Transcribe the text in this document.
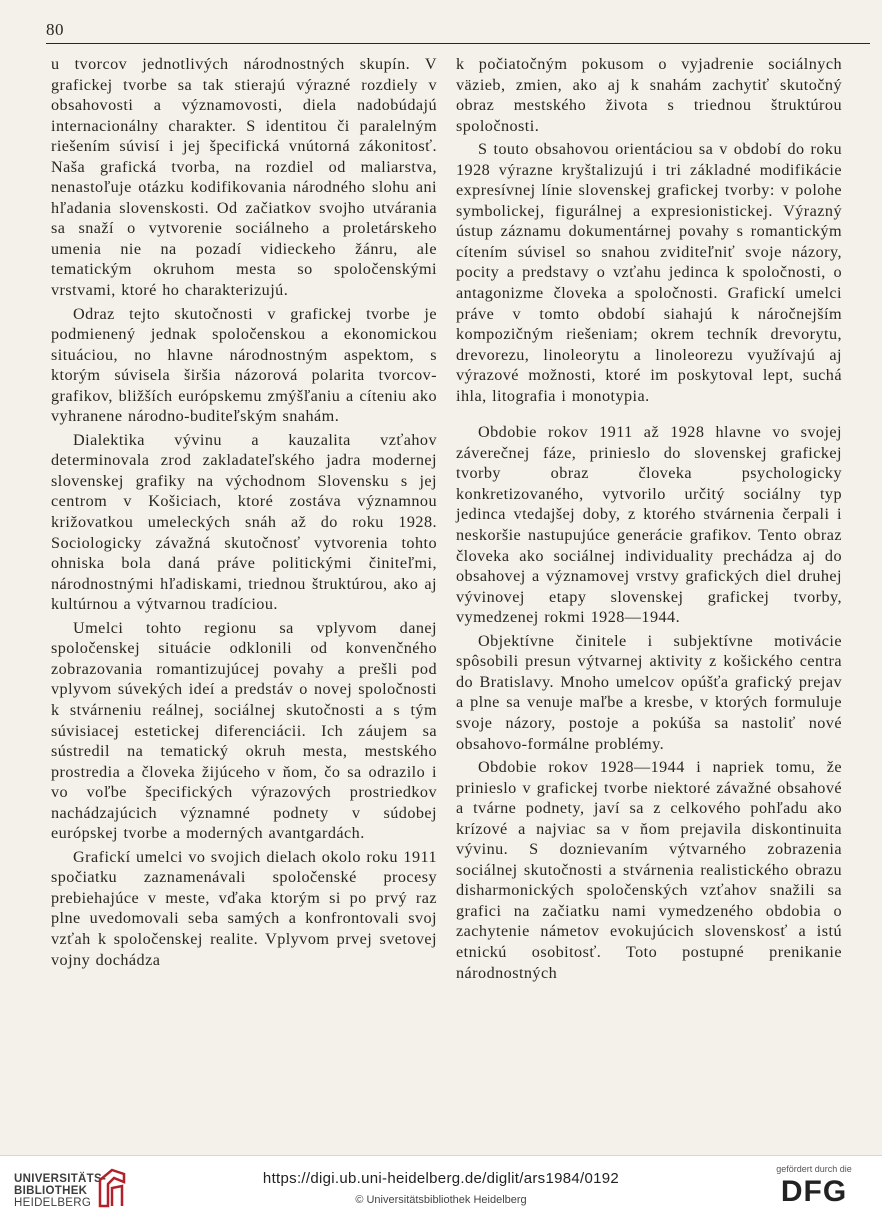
80

u tvorcov jednotlivých národnostných skupín. V grafickej tvorbe sa tak stierajú výrazné rozdiely v obsahovosti a významovosti, diela nadobúdajú internacionálny charakter. S identitou či paralelným riešením súvisí i jej špecifická vnútorná zákonitosť. Naša grafická tvorba, na rozdiel od maliarstva, nenastoľuje otázku kodifikovania národného slohu ani hľadania slovenskosti. Od začiatkov svojho utvárania sa snaží o vytvorenie sociálneho a proletárskeho umenia nie na pozadí vidieckeho žánru, ale tematickým okruhom mesta so spoločenskými vrstvami, ktoré ho charakterizujú.

Odraz tejto skutočnosti v grafickej tvorbe je podmienený jednak spoločenskou a ekonomickou situáciou, no hlavne národnostným aspektom, s ktorým súvisela širšia názorová polarita tvorcov-grafikov, bližších európskemu zmýšľaniu a cíteniu ako vyhranene národno-buditeľským snahám.

Dialektika vývinu a kauzalita vzťahov determinovala zrod zakladateľského jadra modernej slovenskej grafiky na východnom Slovensku s jej centrom v Košiciach, ktoré zostáva významnou križovatkou umeleckých snáh až do roku 1928. Sociologicky závažná skutočnosť vytvorenia tohto ohniska bola daná práve politickými činiteľmi, národnostnými hľadiskami, triednou štruktúrou, ako aj kultúrnou a výtvarnou tradíciou.

Umelci tohto regionu sa vplyvom danej spoločenskej situácie odklonili od konvenčného zobrazovania romantizujúcej povahy a prešli pod vplyvom súvekých ideí a predstáv o novej spoločnosti k stvárneniu reálnej, sociálnej skutočnosti a s tým súvisiacej estetickej diferenciácii. Ich záujem sa sústredil na tematický okruh mesta, mestského prostredia a človeka žijúceho v ňom, čo sa odrazilo i vo voľbe špecifických výrazových prostriedkov nachádzajúcich významné podnety v súdobej európskej tvorbe a moderných avantgardách.

Grafickí umelci vo svojich dielach okolo roku 1911 spočiatku zaznamenávali spoločenské procesy prebiehajúce v meste, vďaka ktorým si po prvý raz plne uvedomovali seba samých a konfrontovali svoj vzťah k spoločenskej realite. Vplyvom prvej svetovej vojny dochádza

k počiatočným pokusom o vyjadrenie sociálnych väzieb, zmien, ako aj k snahám zachytiť skutočný obraz mestského života s triednou štruktúrou spoločnosti.

S touto obsahovou orientáciou sa v období do roku 1928 výrazne kryštalizujú i tri základné modifikácie expresívnej línie slovenskej grafickej tvorby: v polohe symbolickej, figurálnej a expresionistickej. Výrazný ústup záznamu dokumentárnej povahy s romantickým cítením súvisel so snahou zviditeľniť svoje názory, pocity a predstavy o vzťahu jedinca k spoločnosti, o antagonizme človeka a spoločnosti. Grafickí umelci práve v tomto období siahajú k náročnejším kompozičným riešeniam; okrem techník drevorytu, drevorezu, linoleorytu a linoleorezu využívajú aj výrazové možnosti, ktoré im poskytoval lept, suchá ihla, litografia i monotypia.

Obdobie rokov 1911 až 1928 hlavne vo svojej záverečnej fáze, prinieslo do slovenskej grafickej tvorby obraz človeka psychologicky konkretizovaného, vytvorilo určitý sociálny typ jedinca vtedajšej doby, z ktorého stvárnenia čerpali i neskoršie nastupujúce generácie grafikov. Tento obraz človeka ako sociálnej individuality prechádza aj do obsahovej a významovej vrstvy grafických diel druhej vývinovej etapy slovenskej grafickej tvorby, vymedzenej rokmi 1928—1944.

Objektívne činitele i subjektívne motivácie spôsobili presun výtvarnej aktivity z košického centra do Bratislavy. Mnoho umelcov opúšťa grafický prejav a plne sa venuje maľbe a kresbe, v ktorých formuluje svoje názory, postoje a pokúša sa nastoliť nové obsahovo-formálne problémy.

Obdobie rokov 1928—1944 i napriek tomu, že prinieslo v grafickej tvorbe niektoré závažné obsahové a tvárne podnety, javí sa z celkového pohľadu ako krízové a najviac sa v ňom prejavila diskontinuita vývinu. S doznievaním výtvarného zobrazenia sociálnej skutočnosti a stvárnenia realistického obrazu disharmonických spoločenských vzťahov snažili sa grafici na začiatku nami vymedzeného obdobia o zachytenie námetov evokujúcich slovenskosť a istú etnickú osobitosť. Toto postupné prenikanie národnostných

UNIVERSITÄTS-
BIBLIOTHEK
HEIDELBERG
https://digi.ub.uni-heidelberg.de/diglit/ars1984/0192
© Universitätsbibliothek Heidelberg
gefördert durch die
DFG
